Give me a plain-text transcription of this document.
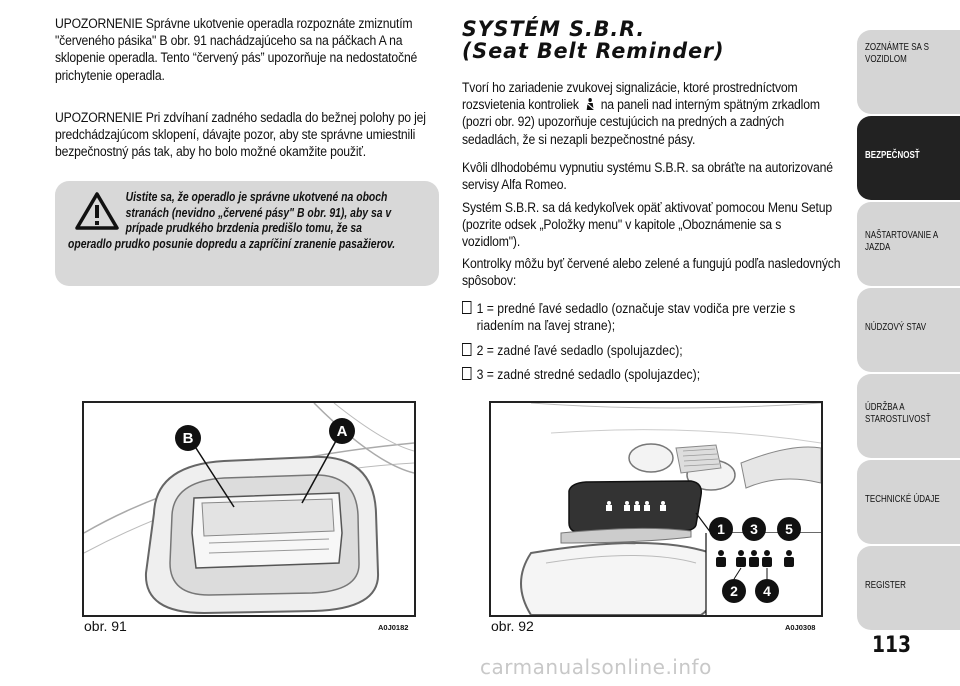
UPOZORNENIE Správne ukotvenie operadla rozpoznáte zmiznutím "červeného pásika" B obr. 91 nachádzajúceho sa na páčkach A na sklopenie operadla. Tento “červený pás” upozorňuje na nedostatočné prichytenie operadla.
UPOZORNENIE Pri zdvíhaní zadného sedadla do bežnej polohy po jej predchádzajúcom sklopení, dávajte pozor, aby ste správne umiestnili bezpečnostný pás tak, aby ho bolo možné okamžite použiť.
Uistite sa, že operadlo je správne ukotvené na oboch stranách (nevidno „červené pásy" B obr. 91), aby sa v prípade prudkého brzdenia predišlo tomu, že sa
operadlo prudko posunie dopredu a zapríčiní zranenie pasažierov.
SYSTÉM S.B.R.
(Seat Belt Reminder)
Tvorí ho zariadenie zvukovej signalizácie, ktoré prostredníctvom rozsvietenia kontroliek na paneli nad interným spätným zrkadlom (pozri obr. 92) upozorňuje cestujúcich na predných a zadných sedadlách, že si nezapli bezpečnostné pásy.
Kvôli dlhodobému vypnutiu systému S.B.R. sa obráťte na autorizované servisy Alfa Romeo.
Systém S.B.R. sa dá kedykoľvek opäť aktivovať pomocou Menu Setup (pozrite odsek „Položky menu" v kapitole „Oboznámenie sa s vozidlom").
Kontrolky môžu byť červené alebo zelené a fungujú podľa nasledovných spôsobov:
1 = predné ľavé sedadlo (označuje stav vodiča pre verzie s
riadením na ľavej strane);
2 = zadné ľavé sedadlo (spolujazdec);
3 = zadné stredné sedadlo (spolujazdec);
B	A
obr. 91	A0J0182
1 3 5
2 4
obr. 92	A0J0308
ZOZNÁMTE SA S VOZIDLOM
BEZPEČNOSŤ
NAŠTARTOVANIE A JAZDA
NÚDZOVÝ STAV
ÚDRŽBA A STAROSTLIVOSŤ
TECHNICKÉ ÚDAJE
REGISTER
113
carmanualsonline.info
